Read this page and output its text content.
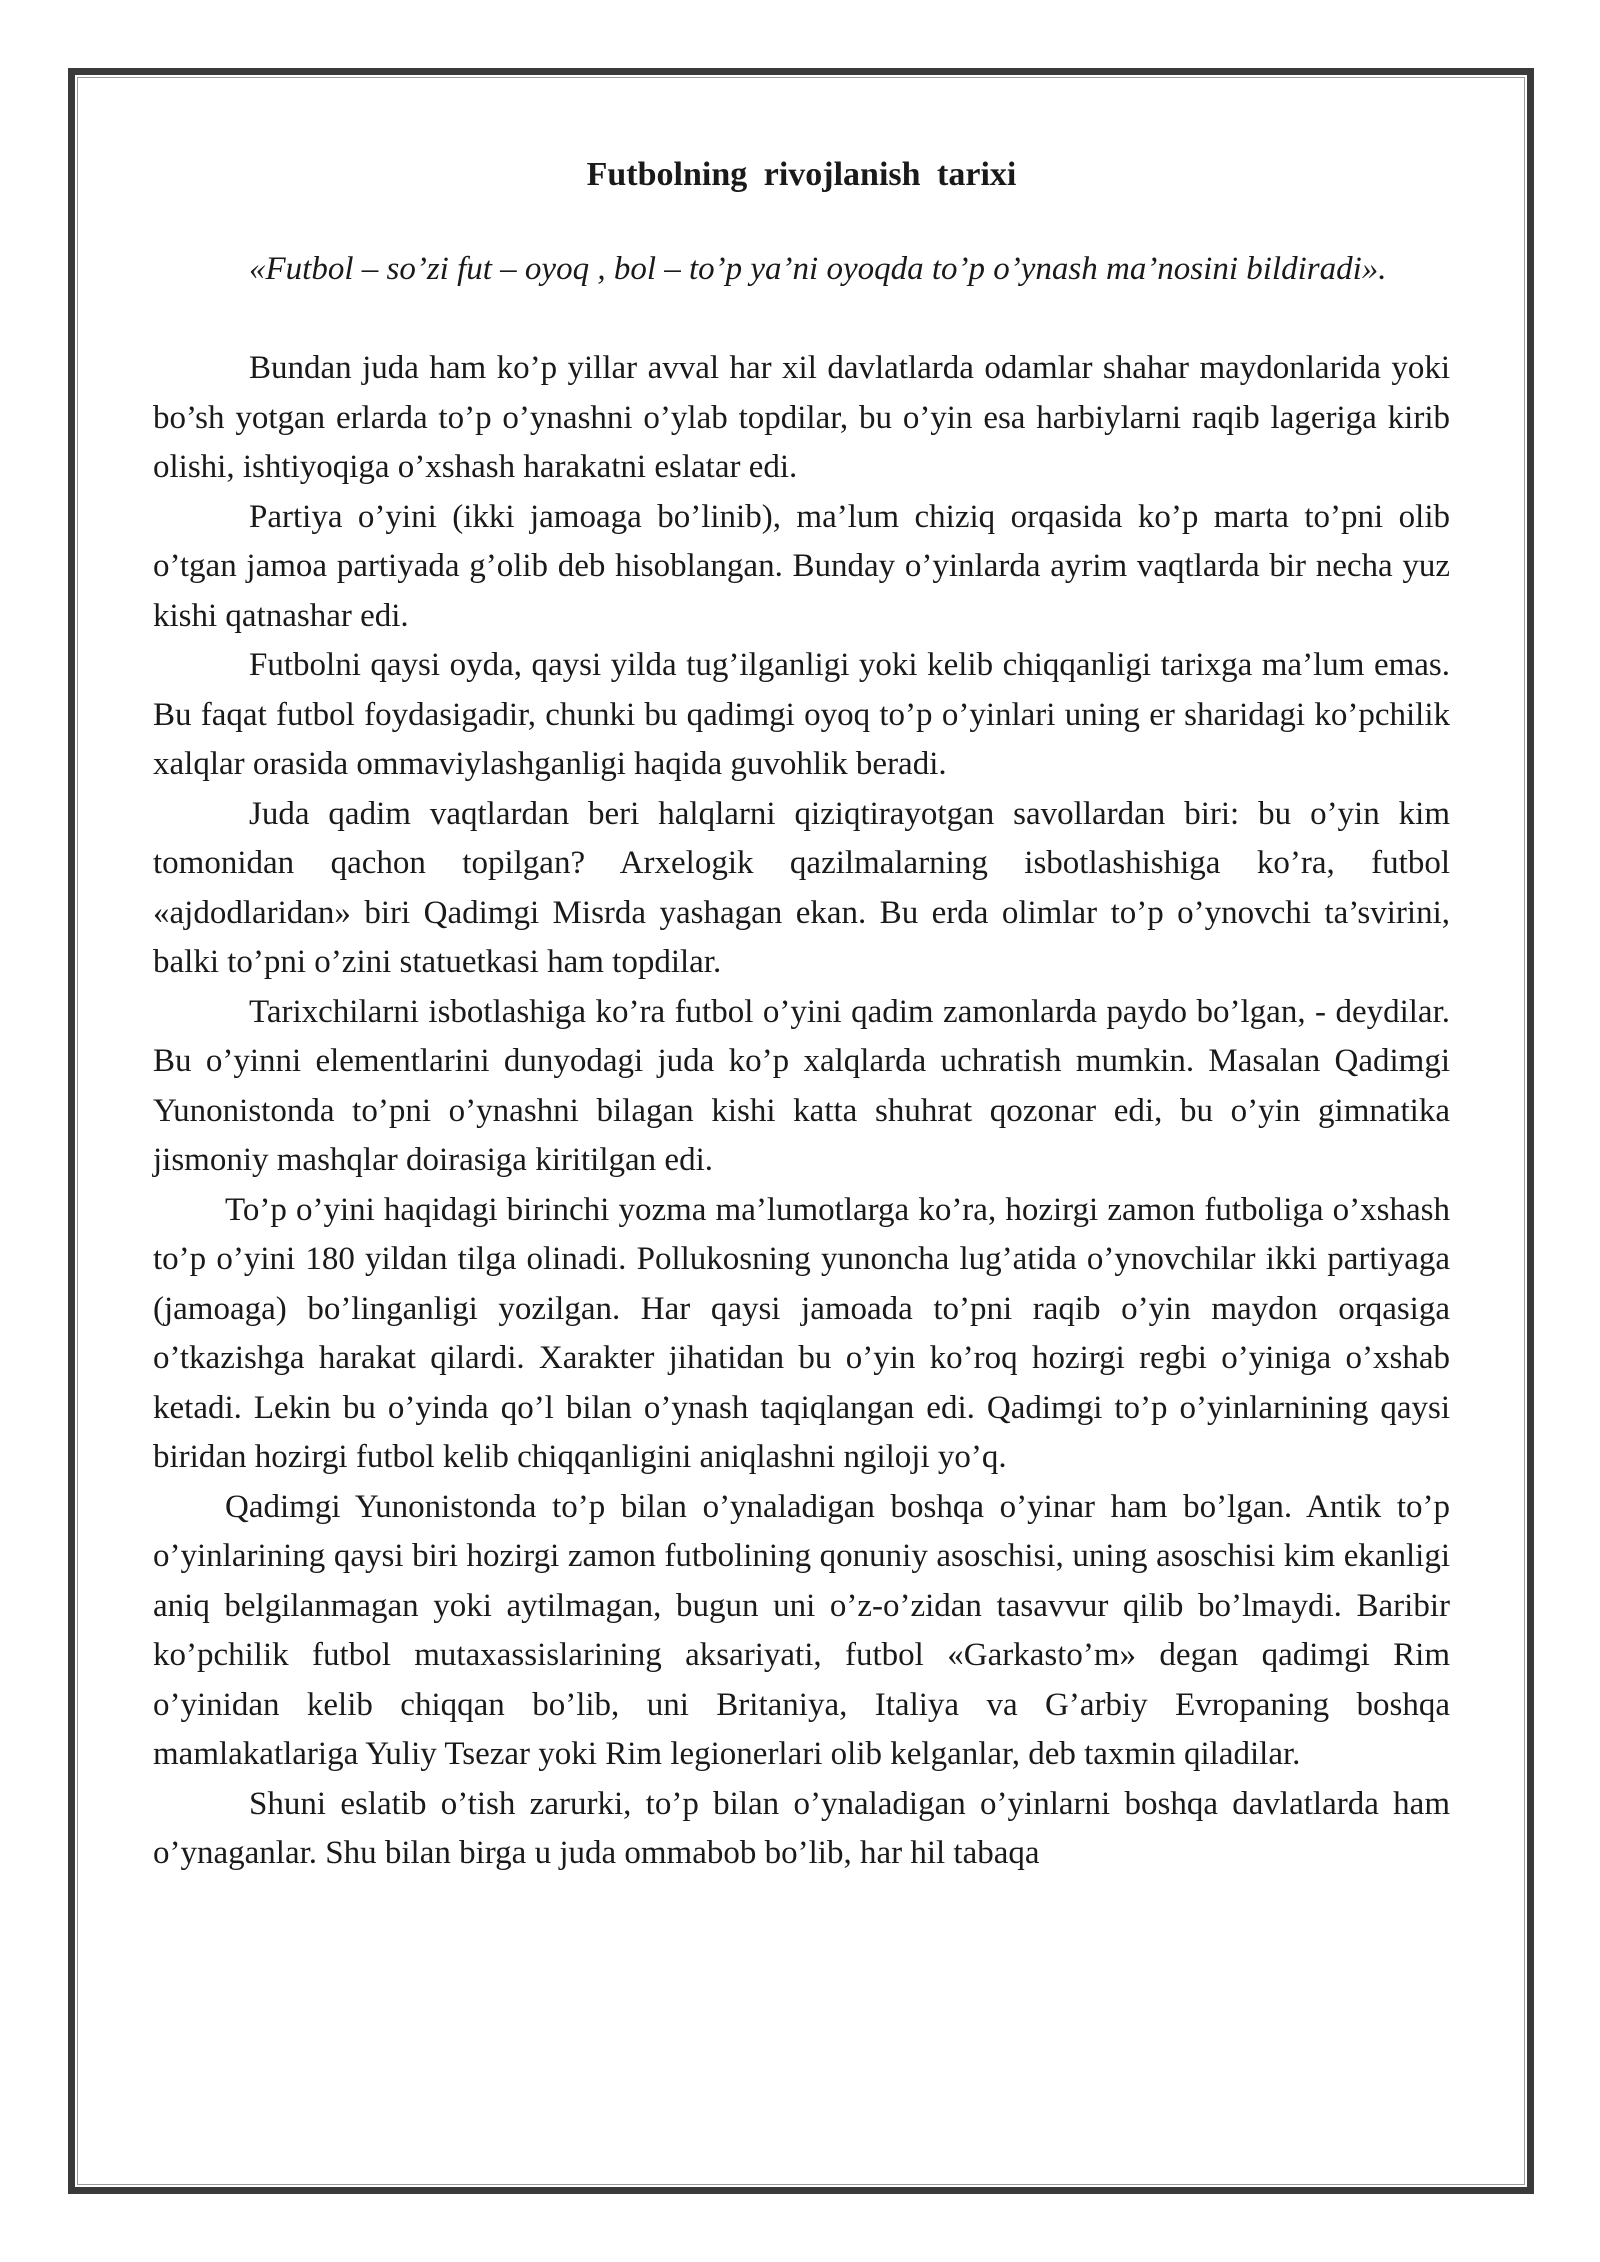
Futbolning rivojlanish tarixi

«Futbol – so’zi fut – oyoq , bol – to’p ya’ni oyoqda to’p o’ynash ma’nosini bildiradi».

Bundan juda ham ko’p yillar avval har xil davlatlarda odamlar shahar maydonlarida yoki bo’sh yotgan erlarda to’p o’ynashni o’ylab topdilar, bu o’yin esa harbiylarni raqib lageriga kirib olishi, ishtiyoqiga o’xshash harakatni eslatar edi.

Partiya o’yini (ikki jamoaga bo’linib), ma’lum chiziq orqasida ko’p marta to’pni olib o’tgan jamoa partiyada g’olib deb hisoblangan. Bunday o’yinlarda ayrim vaqtlarda bir necha yuz kishi qatnashar edi.

Futbolni qaysi oyda, qaysi yilda tug’ilganligi yoki kelib chiqqanligi tarixga ma’lum emas. Bu faqat futbol foydasigadir, chunki bu qadimgi oyoq to’p o’yinlari uning er sharidagi ko’pchilik xalqlar orasida ommaviylashganligi haqida guvohlik beradi.

Juda qadim vaqtlardan beri halqlarni qiziqtirayotgan savollardan biri: bu o’yin kim tomonidan qachon topilgan? Arxelogik qazilmalarning isbotlashishiga ko’ra, futbol «ajdodlaridan» biri Qadimgi Misrda yashagan ekan. Bu erda olimlar to’p o’ynovchi ta’svirini, balki to’pni o’zini statuetkasi ham topdilar.

Tarixchilarni isbotlashiga ko’ra futbol o’yini qadim zamonlarda paydo bo’lgan, - deydilar. Bu o’yinni elementlarini dunyodagi juda ko’p xalqlarda uchratish mumkin. Masalan Qadimgi Yunonistonda to’pni o’ynashni bilagan kishi katta shuhrat qozonar edi, bu o’yin gimnatika jismoniy mashqlar doirasiga kiritilgan edi.

To’p o’yini haqidagi birinchi yozma ma’lumotlarga ko’ra, hozirgi zamon futboliga o’xshash to’p o’yini 180 yildan tilga olinadi. Pollukosning yunoncha lug’atida o’ynovchilar ikki partiyaga (jamoaga) bo’linganligi yozilgan. Har qaysi jamoada to’pni raqib o’yin maydon orqasiga o’tkazishga harakat qilardi. Xarakter jihatidan bu o’yin ko’roq hozirgi regbi o’yiniga o’xshab ketadi. Lekin bu o’yinda qo’l bilan o’ynash taqiqlangan edi. Qadimgi to’p o’yinlarnining qaysi biridan hozirgi futbol kelib chiqqanligini aniqlashni ngiloji yo’q.

Qadimgi Yunonistonda to’p bilan o’ynaladigan boshqa o’yinar ham bo’lgan. Antik to’p o’yinlarining qaysi biri hozirgi zamon futbolining qonuniy asoschisi, uning asoschisi kim ekanligi aniq belgilanmagan yoki aytilmagan, bugun uni o’z-o’zidan tasavvur qilib bo’lmaydi. Baribir ko’pchilik futbol mutaxassislarining aksariyati, futbol «Garkasto’m» degan qadimgi Rim o’yinidan kelib chiqqan bo’lib, uni Britaniya, Italiya va G’arbiy Evropaning boshqa mamlakatlariga Yuliy Tsezar yoki Rim legionerlari olib kelganlar, deb taxmin qiladilar.

Shuni eslatib o’tish zarurki, to’p bilan o’ynaladigan o’yinlarni boshqa davlatlarda ham o’ynaganlar. Shu bilan birga u juda ommabob bo’lib, har hil tabaqa
